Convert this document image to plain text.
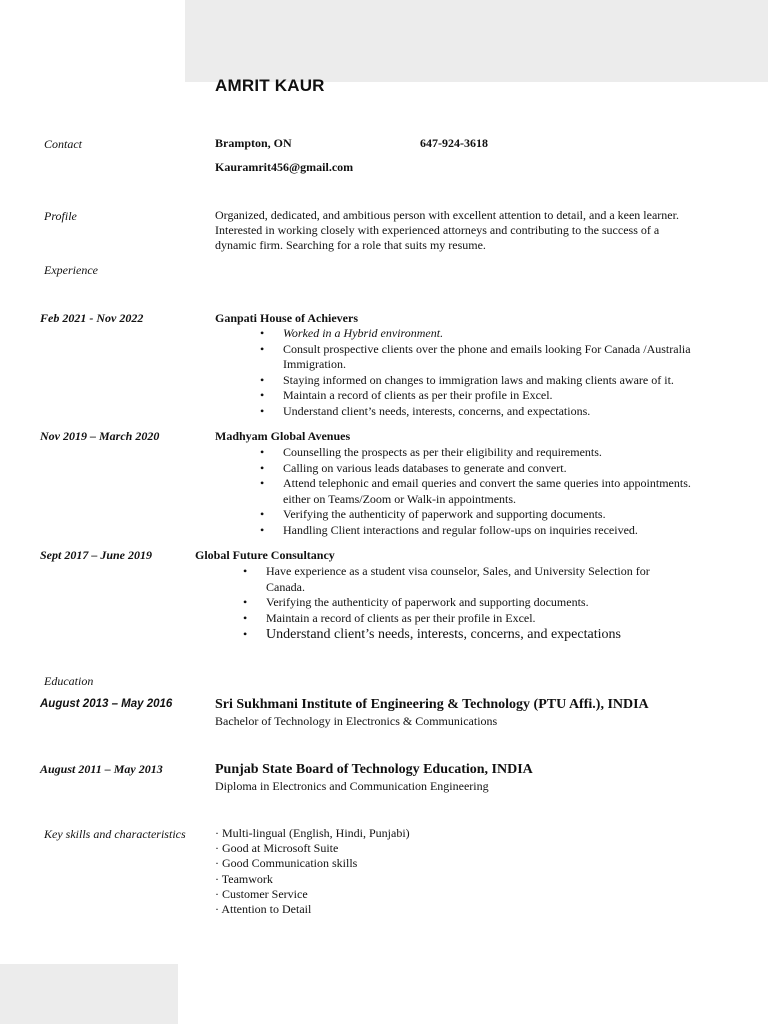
AMRIT KAUR
Contact	Brampton, ON	647-924-3618
Kauramrit456@gmail.com
Profile	Organized, dedicated, and ambitious person with excellent attention to detail, and a keen learner.
Interested in working closely with experienced attorneys and contributing to the success of a
dynamic firm. Searching for a role that suits my resume.
Experience
Feb 2021 - Nov 2022	Ganpati House of Achievers
• Worked in a Hybrid environment.
• Consult prospective clients over the phone and emails looking For Canada /Australia
Immigration.
• Staying informed on changes to immigration laws and making clients aware of it.
• Maintain a record of clients as per their profile in Excel.
• Understand client’s needs, interests, concerns, and expectations.
Nov 2019 – March 2020	Madhyam Global Avenues
• Counselling the prospects as per their eligibility and requirements.
• Calling on various leads databases to generate and convert.
• Attend telephonic and email queries and convert the same queries into appointments.
either on Teams/Zoom or Walk-in appointments.
• Verifying the authenticity of paperwork and supporting documents.
• Handling Client interactions and regular follow-ups on inquiries received.
Sept 2017 – June 2019	Global Future Consultancy
• Have experience as a student visa counselor, Sales, and University Selection for
Canada.
• Verifying the authenticity of paperwork and supporting documents.
• Maintain a record of clients as per their profile in Excel.
• Understand client’s needs, interests, concerns, and expectations
Education
August 2013 – May 2016	Sri Sukhmani Institute of Engineering & Technology (PTU Affi.), INDIA
Bachelor of Technology in Electronics & Communications
August 2011 – May 2013	Punjab State Board of Technology Education, INDIA
Diploma in Electronics and Communication Engineering
Key skills and characteristics · Multi-lingual (English, Hindi, Punjabi)
· Good at Microsoft Suite
· Good Communication skills
· Teamwork
· Customer Service
· Attention to Detail
